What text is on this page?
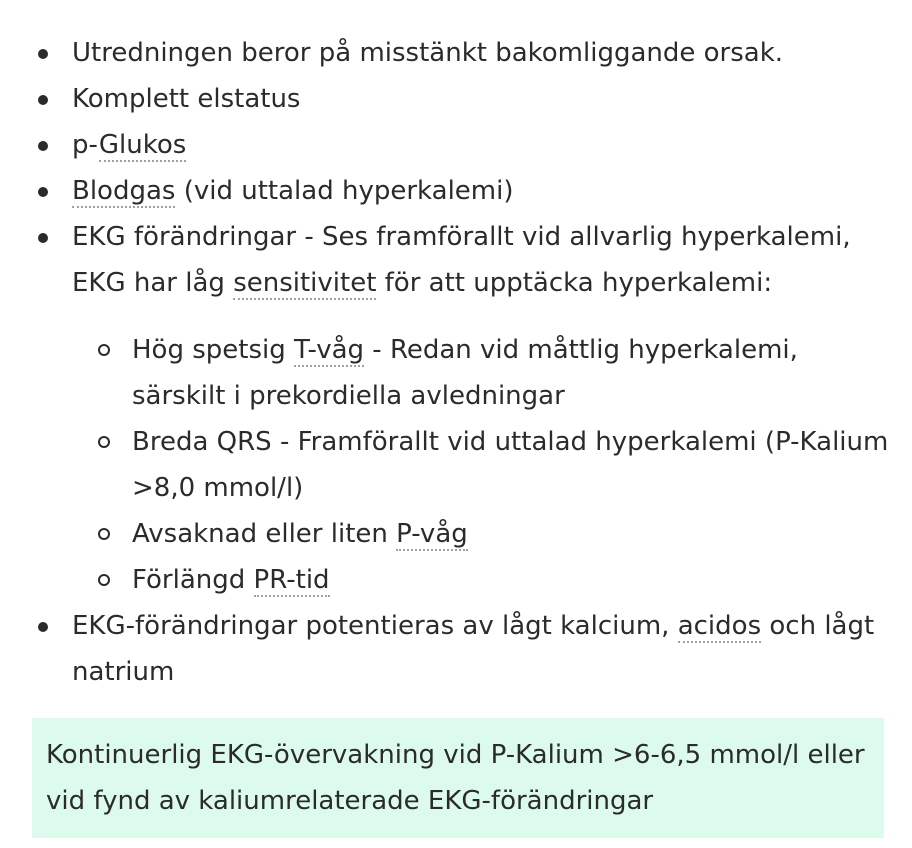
Utredningen beror på misstänkt bakomliggande orsak.
Komplett elstatus
p-Glukos
Blodgas (vid uttalad hyperkalemi)
EKG förändringar - Ses framförallt vid allvarlig hyperkalemi, EKG har låg sensitivitet för att upptäcka hyperkalemi:
Hög spetsig T-våg - Redan vid måttlig hyperkalemi, särskilt i prekordiella avledningar
Breda QRS - Framförallt vid uttalad hyperkalemi (P-Kalium >8,0 mmol/l)
Avsaknad eller liten P-våg
Förlängd PR-tid
EKG-förändringar potentieras av lågt kalcium, acidos och lågt natrium
Kontinuerlig EKG-övervakning vid P-Kalium >6-6,5 mmol/l eller vid fynd av kaliumrelaterade EKG-förändringar
